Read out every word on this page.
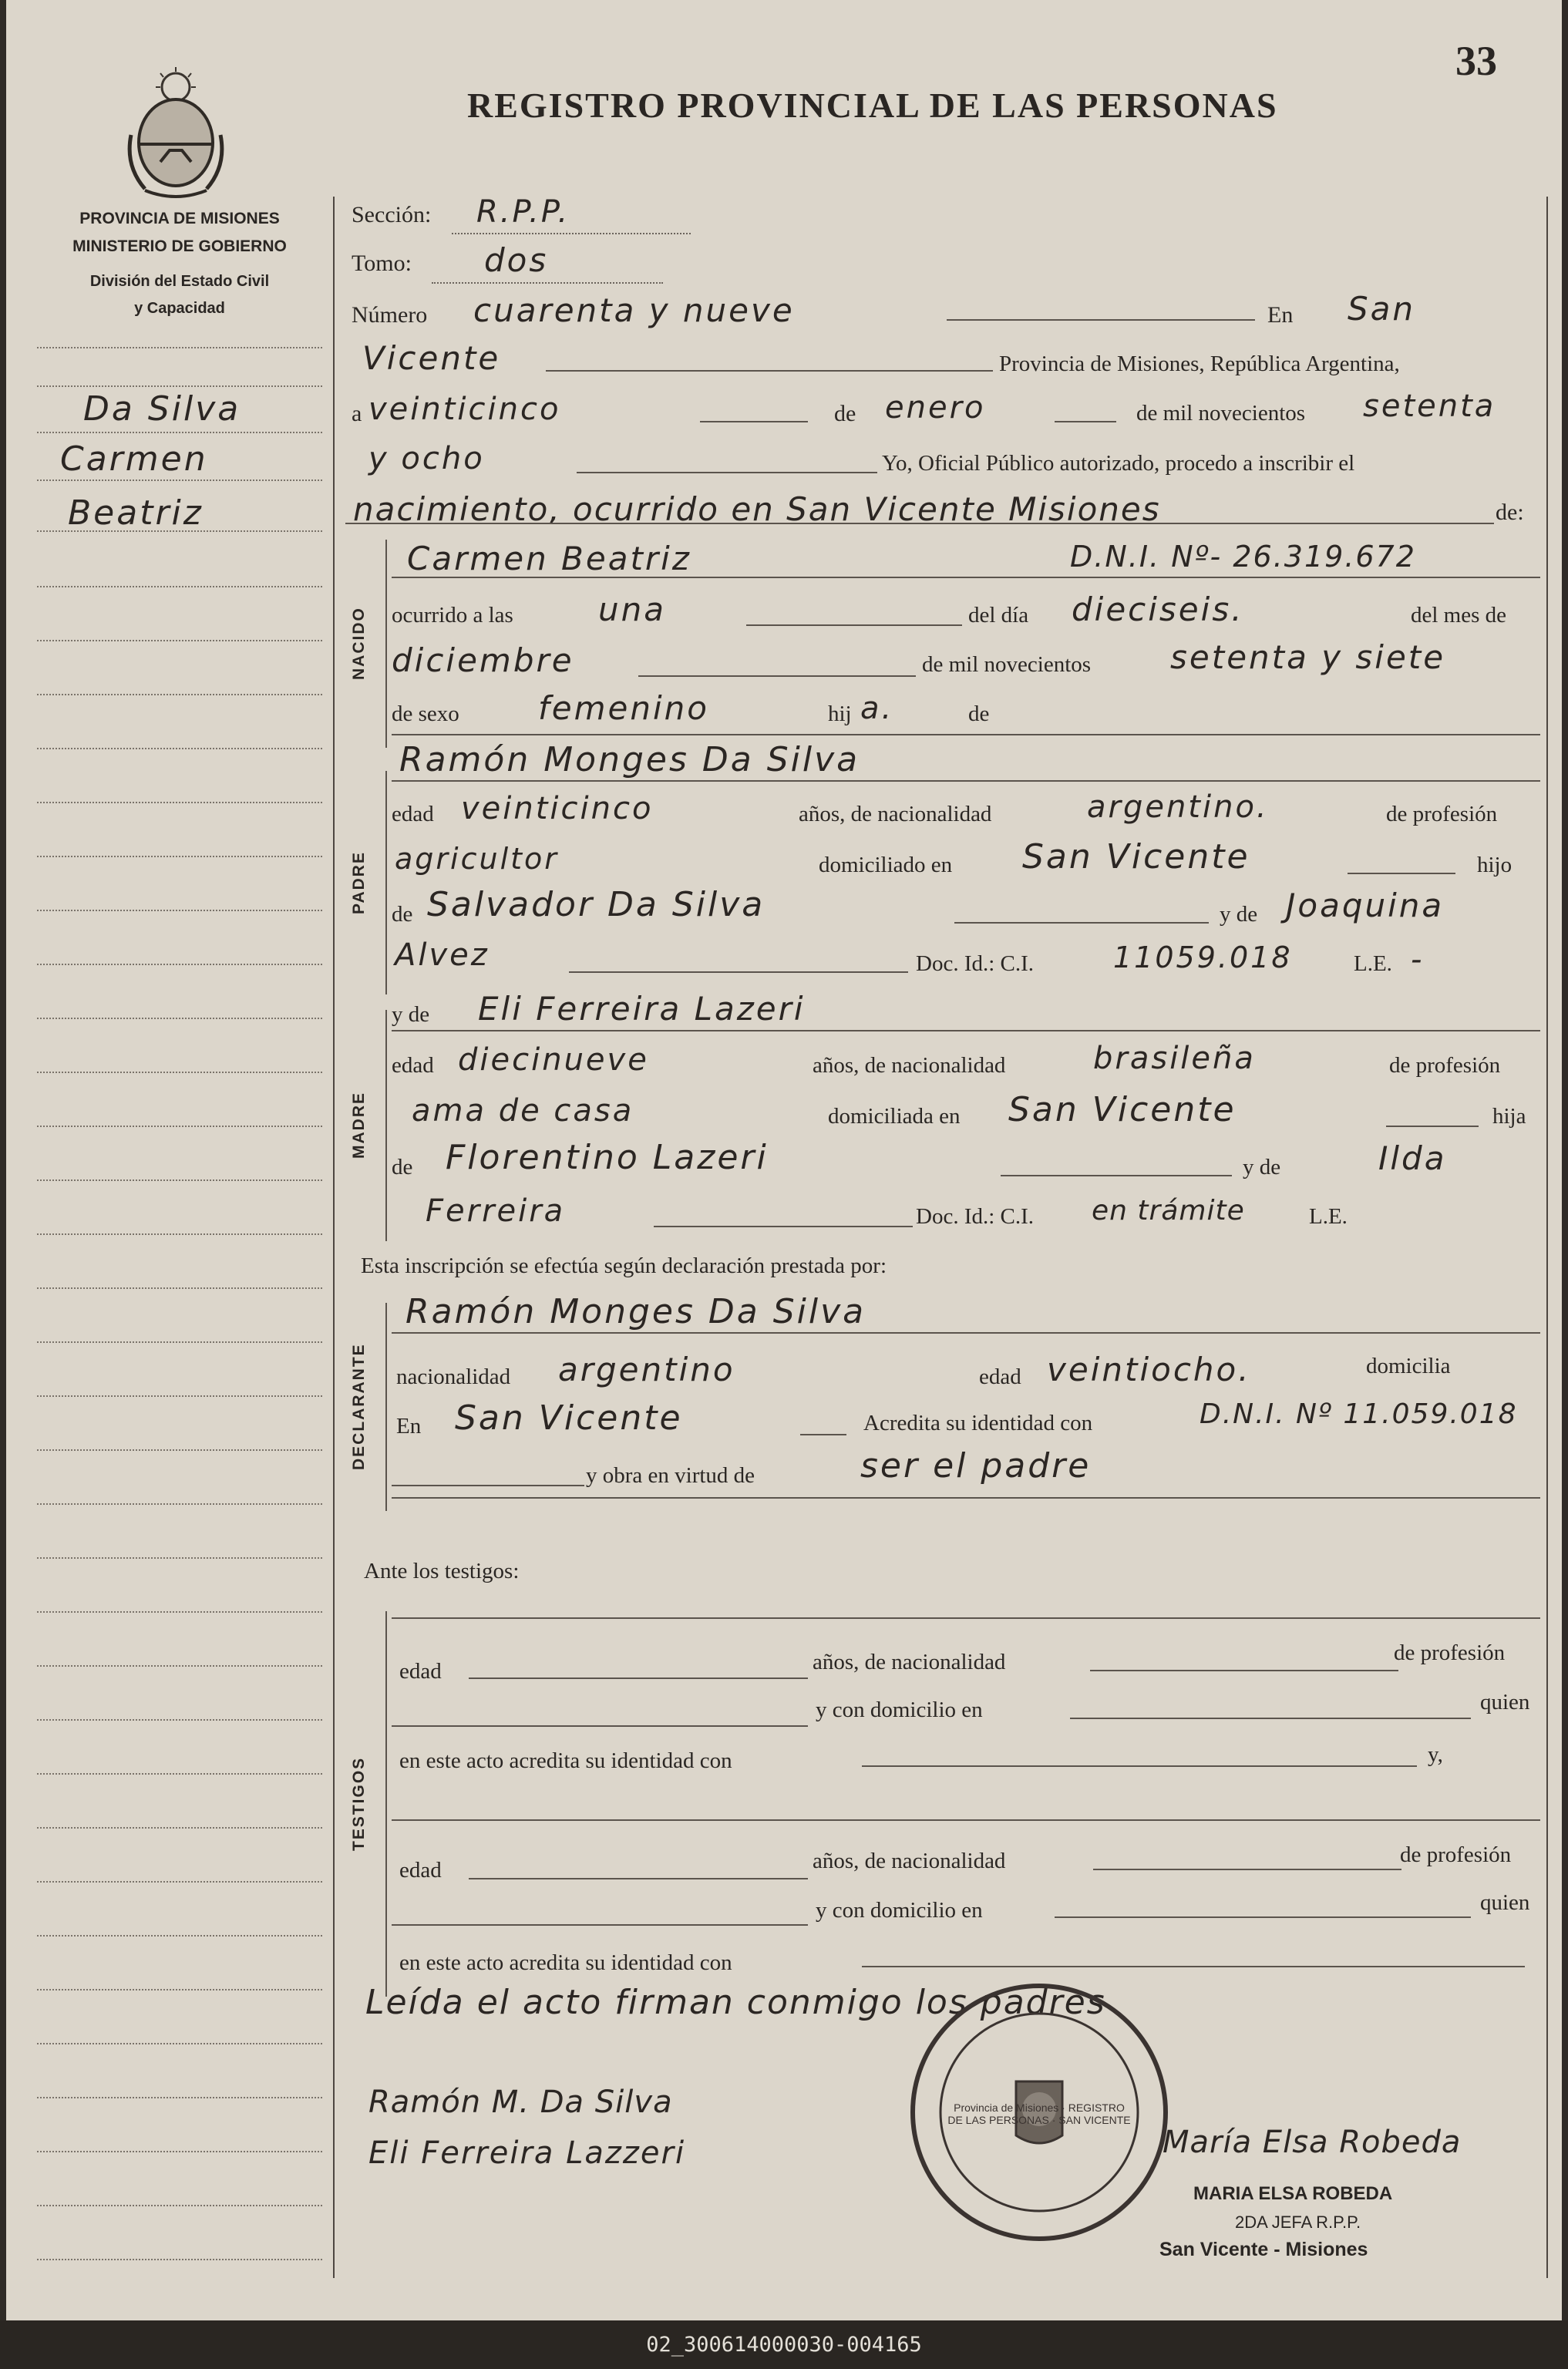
33
REGISTRO PROVINCIAL DE LAS PERSONAS
PROVINCIA DE MISIONES
MINISTERIO DE GOBIERNO
División del Estado Civil
y Capacidad
Da Silva
Carmen
Beatriz
Sección: R.P.P.
Tomo: dos
Número cuarenta y nueve	En San
Vicente	Provincia de Misiones, República Argentina,
a veinticinco	de enero	de mil novecientos setenta
y ocho	Yo, Oficial Público autorizado, procedo a inscribir el
nacimiento, ocurrido en San Vicente Misiones	de:
NACIDO
Carmen Beatriz	D.N.I. Nº- 26.319.672
ocurrido a las	una	del día dieciseis.	del mes de
diciembre	de mil novecientos setenta y siete
de sexo femenino	hij a.	de
PADRE
Ramón Monges Da Silva
edad veinticinco	años, de nacionalidad	argentino.	de profesión
agricultor	domiciliado en San Vicente	hijo
de Salvador Da Silva	y de Joaquina
Alvez	Doc. Id.: C.I.	11059.018	L.E. -
MADRE
y de Eli Ferreira Lazeri
edad diecinueve	años, de nacionalidad	brasileña	de profesión
ama de casa	domiciliada en San Vicente	hija
de Florentino Lazeri	y de	Ilda
Ferreira	Doc. Id.: C.I. en trámite	L.E.
Esta inscripción se efectúa según declaración prestada por:
DECLARANTE
Ramón Monges Da Silva
nacionalidad argentino	edad veintiocho.	domicilia
En San Vicente	Acredita su identidad con	D.N.I. Nº 11.059.018
y obra en virtud de	ser el padre
Ante los testigos:
TESTIGOS
edad	años, de nacionalidad	de profesión
y con domicilio en	quien
en este acto acredita su identidad con	y,
edad	años, de nacionalidad	de profesión
y con domicilio en	quien
en este acto acredita su identidad con
Leída el acto firman conmigo los padres
Provincia de Misiones · REGISTRO DE LAS PERSONAS · SAN VICENTE
Ramón M. Da Silva
Eli Ferreira Lazzeri	María Elsa Robeda
MARIA ELSA ROBEDA
2DA JEFA R.P.P.
San Vicente - Misiones
02_300614000030-004165
